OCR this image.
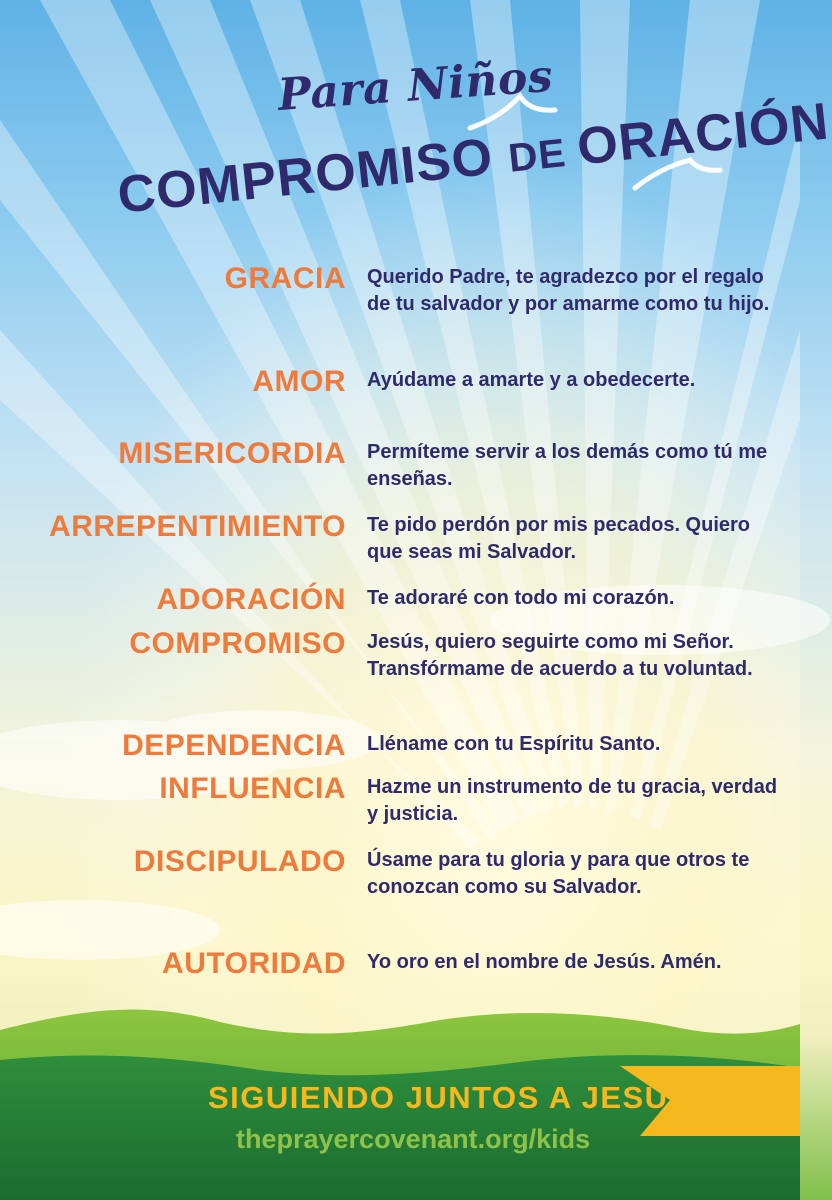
Para Niños
COMPROMISO DE ORACIÓN
GRACIA Querido Padre, te agradezco por el regalo de tu salvador y por amarme como tu hijo.
AMOR Ayúdame a amarte y a obedecerte.
MISERICORDIA Permíteme servir a los demás como tú me enseñas.
ARREPENTIMIENTO Te pido perdón por mis pecados. Quiero que seas mi Salvador.
ADORACIÓN Te adoraré con todo mi corazón.
COMPROMISO Jesús, quiero seguirte como mi Señor. Transfórmame de acuerdo a tu voluntad.
DEPENDENCIA Lléname con tu Espíritu Santo.
INFLUENCIA Hazme un instrumento de tu gracia, verdad y justicia.
DISCIPULADO Úsame para tu gloria y para que otros te conozcan como su Salvador.
AUTORIDAD Yo oro en el nombre de Jesús. Amén.
SIGUIENDO JUNTOS A JESÚS
theprayercovenant.org/kids
